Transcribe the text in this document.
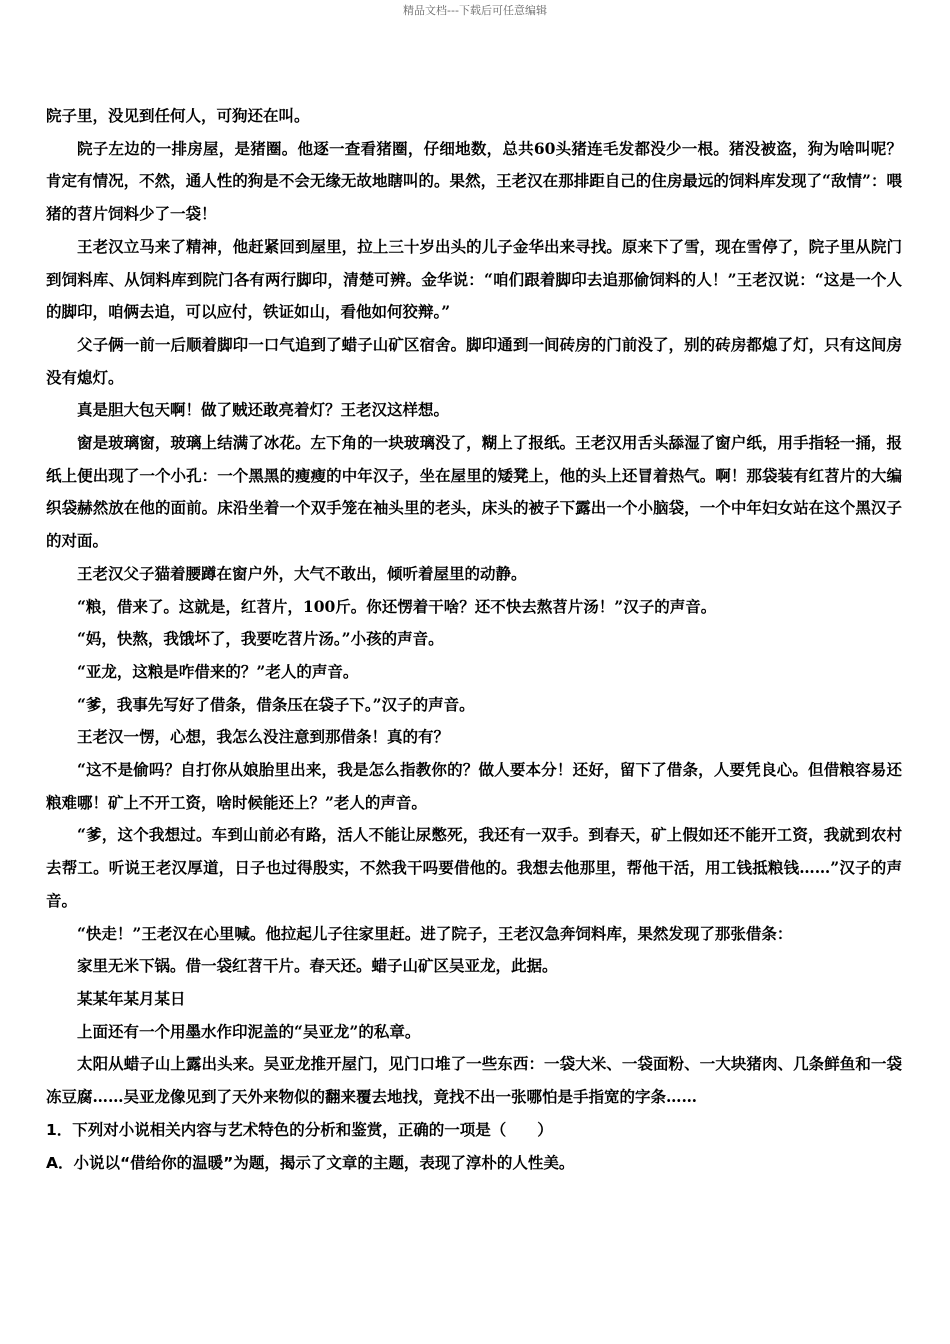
精品文档---下载后可任意编辑

院子里，没见到任何人，可狗还在叫。

院子左边的一排房屋，是猪圈。他逐一查看猪圈，仔细地数，总共60头猪连毛发都没少一根。猪没被盗，狗为啥叫呢？肯定有情况，不然，通人性的狗是不会无缘无故地瞎叫的。果然，王老汉在那排距自己的住房最远的饲料库发现了“敌情”：喂猪的苕片饲料少了一袋！

王老汉立马来了精神，他赶紧回到屋里，拉上三十岁出头的儿子金华出来寻找。原来下了雪，现在雪停了，院子里从院门到饲料库、从饲料库到院门各有两行脚印，清楚可辨。金华说：“咱们跟着脚印去追那偷饲料的人！”王老汉说：“这是一个人的脚印，咱俩去追，可以应付，铁证如山，看他如何狡辩。”

父子俩一前一后顺着脚印一口气追到了蜡子山矿区宿舍。脚印通到一间砖房的门前没了，别的砖房都熄了灯，只有这间房没有熄灯。

真是胆大包天啊！做了贼还敢亮着灯？王老汉这样想。

窗是玻璃窗，玻璃上结满了冰花。左下角的一块玻璃没了，糊上了报纸。王老汉用舌头舔湿了窗户纸，用手指轻一捅，报纸上便出现了一个小孔：一个黑黑的瘦瘦的中年汉子，坐在屋里的矮凳上，他的头上还冒着热气。啊！那袋装有红苕片的大编织袋赫然放在他的面前。床沿坐着一个双手笼在袖头里的老头，床头的被子下露出一个小脑袋，一个中年妇女站在这个黑汉子的对面。

王老汉父子猫着腰蹲在窗户外，大气不敢出，倾听着屋里的动静。

“粮，借来了。这就是，红苕片，100斤。你还愣着干啥？还不快去熬苕片汤！”汉子的声音。

“妈，快熬，我饿坏了，我要吃苕片汤。”小孩的声音。

“亚龙，这粮是咋借来的？”老人的声音。

“爹，我事先写好了借条，借条压在袋子下。”汉子的声音。

王老汉一愣，心想，我怎么没注意到那借条！真的有？

“这不是偷吗？自打你从娘胎里出来，我是怎么指教你的？做人要本分！还好，留下了借条，人要凭良心。但借粮容易还粮难哪！矿上不开工资，啥时候能还上？”老人的声音。

“爹，这个我想过。车到山前必有路，活人不能让尿憋死，我还有一双手。到春天，矿上假如还不能开工资，我就到农村去帮工。听说王老汉厚道，日子也过得殷实，不然我干吗要借他的。我想去他那里，帮他干活，用工钱抵粮钱……”汉子的声音。

“快走！”王老汉在心里喊。他拉起儿子往家里赶。进了院子，王老汉急奔饲料库，果然发现了那张借条：

家里无米下锅。借一袋红苕干片。春天还。蜡子山矿区吴亚龙，此据。

某某年某月某日

上面还有一个用墨水作印泥盖的“吴亚龙”的私章。

太阳从蜡子山上露出头来。吴亚龙推开屋门，见门口堆了一些东西：一袋大米、一袋面粉、一大块猪肉、几条鲜鱼和一袋冻豆腐……吴亚龙像见到了天外来物似的翻来覆去地找，竟找不出一张哪怕是手指宽的字条……

1．下列对小说相关内容与艺术特色的分析和鉴赏，正确的一项是（　　）

A．小说以“借给你的温暖”为题，揭示了文章的主题，表现了淳朴的人性美。
